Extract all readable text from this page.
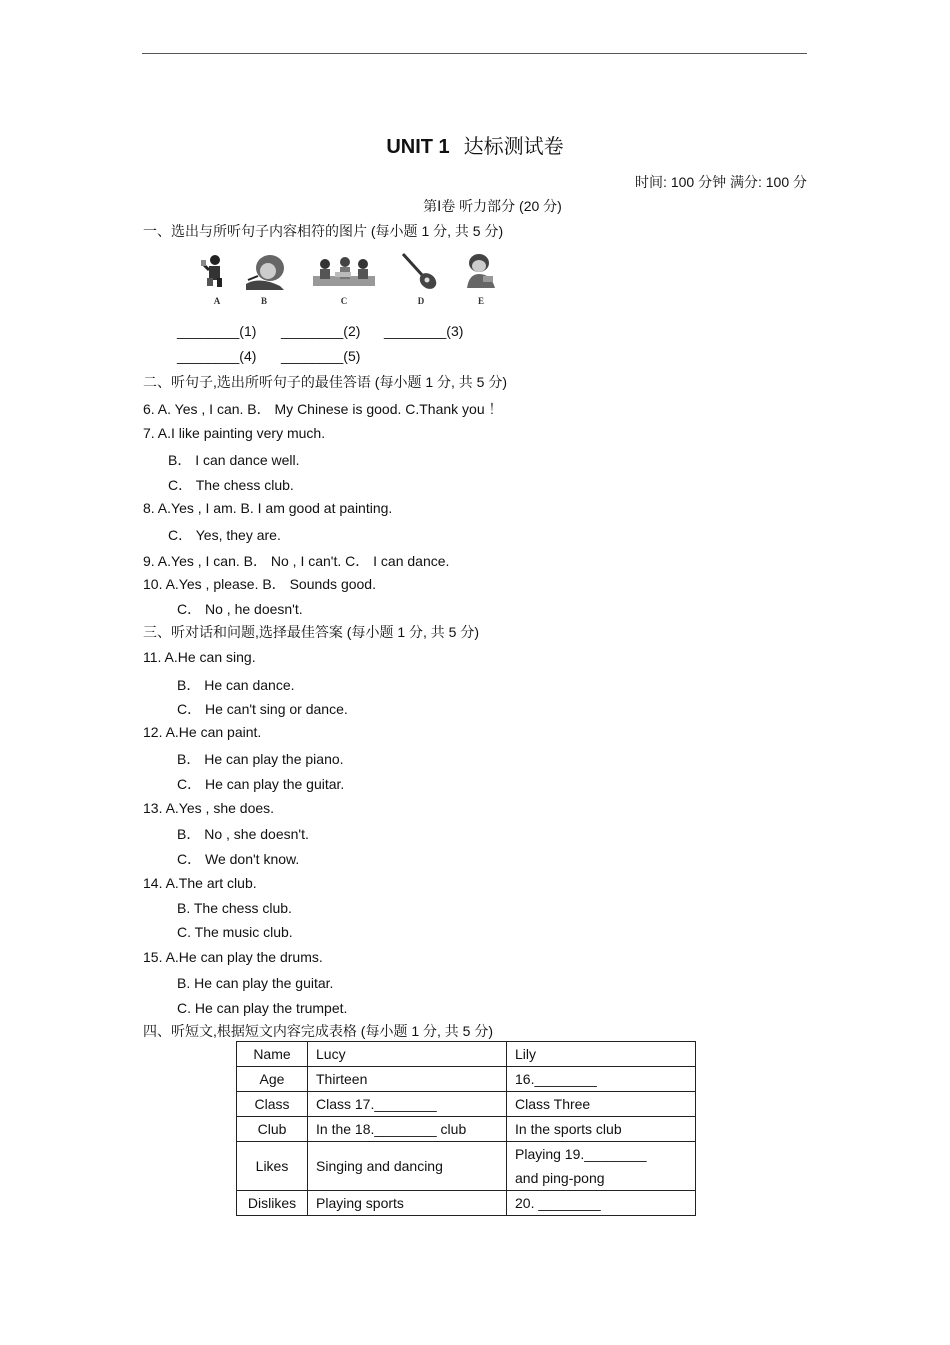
UNIT 1 达标测试卷
时间: 100 分钟 满分: 100 分
第Ⅰ卷 听力部分 (20 分)
一、选出与所听句子内容相符的图片 (每小题 1 分, 共 5 分)
A	B	C	D	E
________(1) ________(2) ________(3)
________(4) ________(5)
二、听句子,选出所听句子的最佳答语 (每小题 1 分, 共 5 分)
6. A. Yes , I can. B． My Chinese is good. C.Thank you ！
7. A.I like painting very much.
B． I can dance well.
C． The chess club.
8. A.Yes , I am. B. I am good at painting.
C． Yes, they are.
9. A.Yes , I can. B． No , I can't. C． I can dance.
10. A.Yes , please. B． Sounds good.
C． No , he doesn't.
三、听对话和问题,选择最佳答案 (每小题 1 分, 共 5 分)
11. A.He can sing.
B． He can dance.
C． He can't sing or dance.
12. A.He can paint.
B． He can play the piano.
C． He can play the guitar.
13. A.Yes , she does.
B． No , she doesn't.
C． We don't know.
14. A.The art club.
B. The chess club.
C. The music club.
15. A.He can play the drums.
B. He can play the guitar.
C. He can play the trumpet.
四、听短文,根据短文内容完成表格 (每小题 1 分, 共 5 分)
Name	Lucy	Lily
Age	Thirteen	16.________
Class	Class 17.________	Class Three
Club	In the 18.________ club	In the sports club
Likes	Singing and dancing	Playing 19.________
and ping-pong

Dislikes	Playing sports	20. ________
